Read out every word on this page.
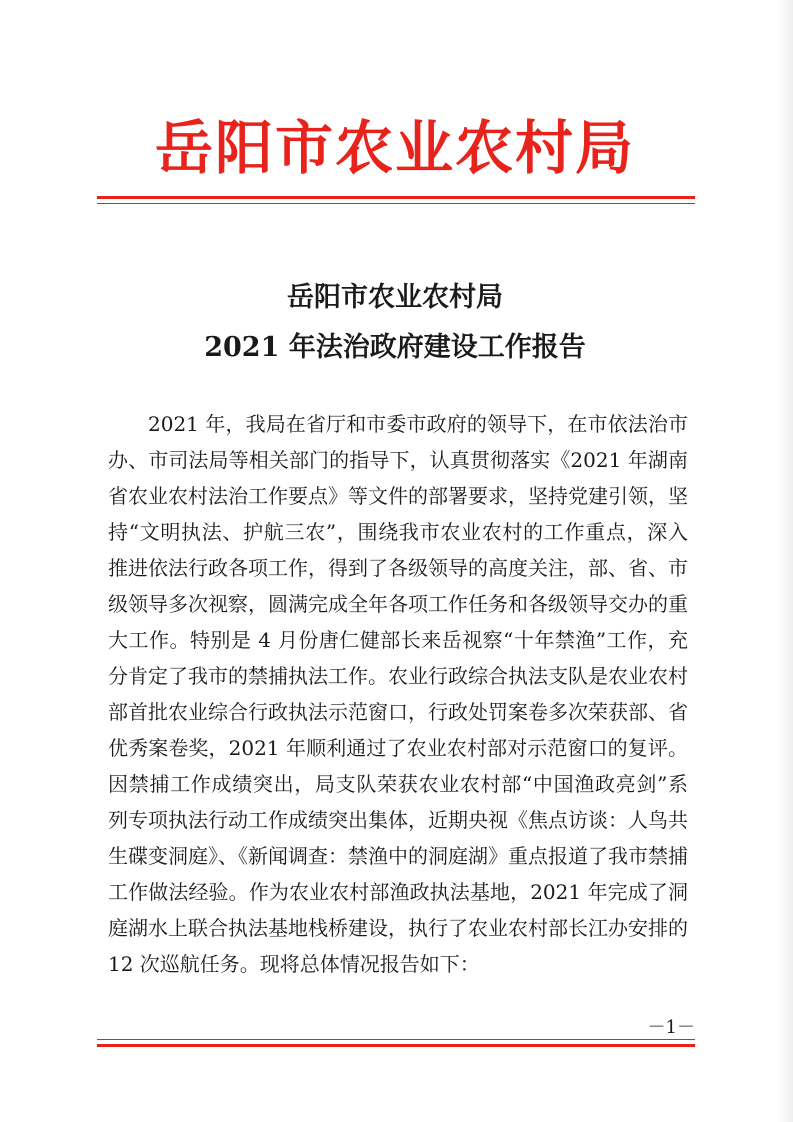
岳阳市农业农村局
岳阳市农业农村局
2021 年法治政府建设工作报告

2021 年，我局在省厅和市委市政府的领导下，在市依法治市办、市司法局等相关部门的指导下，认真贯彻落实《2021 年湖南省农业农村法治工作要点》等文件的部署要求，坚持党建引领，坚持“文明执法、护航三农”，围绕我市农业农村的工作重点，深入推进依法行政各项工作，得到了各级领导的高度关注，部、省、市级领导多次视察，圆满完成全年各项工作任务和各级领导交办的重大工作。特别是 4 月份唐仁健部长来岳视察“十年禁渔”工作，充分肯定了我市的禁捕执法工作。农业行政综合执法支队是农业农村部首批农业综合行政执法示范窗口，行政处罚案卷多次荣获部、省优秀案卷奖，2021 年顺利通过了农业农村部对示范窗口的复评。因禁捕工作成绩突出，局支队荣获农业农村部“中国渔政亮剑”系列专项执法行动工作成绩突出集体，近期央视《焦点访谈：人鸟共生碟变洞庭》、《新闻调查：禁渔中的洞庭湖》重点报道了我市禁捕工作做法经验。作为农业农村部渔政执法基地，2021 年完成了洞庭湖水上联合执法基地栈桥建设，执行了农业农村部长江办安排的 12 次巡航任务。现将总体情况报告如下：

－1－
